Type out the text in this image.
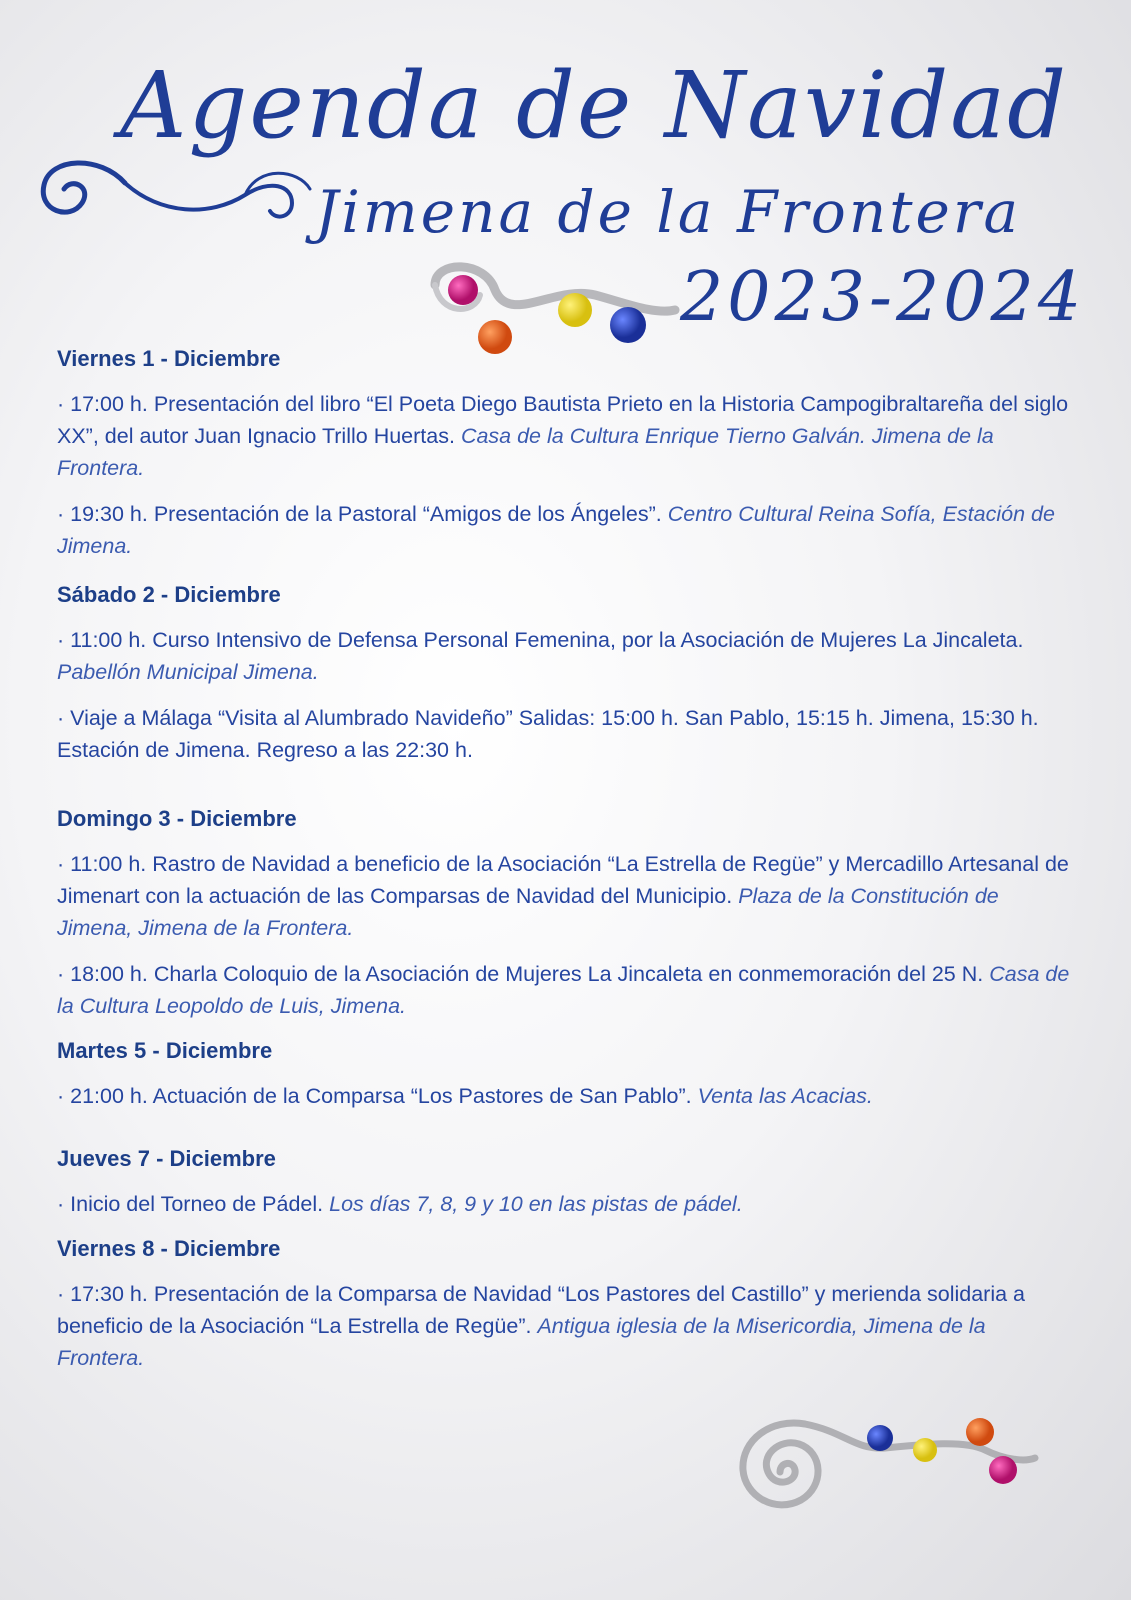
Agenda de Navidad
Jimena de la Frontera
2023-2024
Viernes 1 - Diciembre

· 17:00 h. Presentación del libro “El Poeta Diego Bautista Prieto en la Historia Campogibraltareña del siglo XX”, del autor Juan Ignacio Trillo Huertas. Casa de la Cultura Enrique Tierno Galván. Jimena de la Frontera.

· 19:30 h. Presentación de la Pastoral “Amigos de los Ángeles”. Centro Cultural Reina Sofía, Estación de Jimena.

Sábado 2 - Diciembre

· 11:00 h. Curso Intensivo de Defensa Personal Femenina, por la Asociación de Mujeres La Jincaleta. Pabellón Municipal Jimena.

· Viaje a Málaga “Visita al Alumbrado Navideño” Salidas: 15:00 h. San Pablo, 15:15 h. Jimena, 15:30 h. Estación de Jimena. Regreso a las 22:30 h.

Domingo 3 - Diciembre

· 11:00 h. Rastro de Navidad a beneficio de la Asociación “La Estrella de Regüe” y Mercadillo Artesanal de Jimenart con la actuación de las Comparsas de Navidad del Municipio. Plaza de la Constitución de Jimena, Jimena de la Frontera.

· 18:00 h. Charla Coloquio de la Asociación de Mujeres La Jincaleta en conmemoración del 25 N. Casa de la Cultura Leopoldo de Luis, Jimena.

Martes 5 - Diciembre

· 21:00 h. Actuación de la Comparsa “Los Pastores de San Pablo”. Venta las Acacias.

Jueves 7 - Diciembre

· Inicio del Torneo de Pádel. Los días 7, 8, 9 y 10 en las pistas de pádel.

Viernes 8 - Diciembre

· 17:30 h. Presentación de la Comparsa de Navidad “Los Pastores del Castillo” y merienda solidaria a beneficio de la Asociación “La Estrella de Regüe”. Antigua iglesia de la Misericordia, Jimena de la Frontera.
